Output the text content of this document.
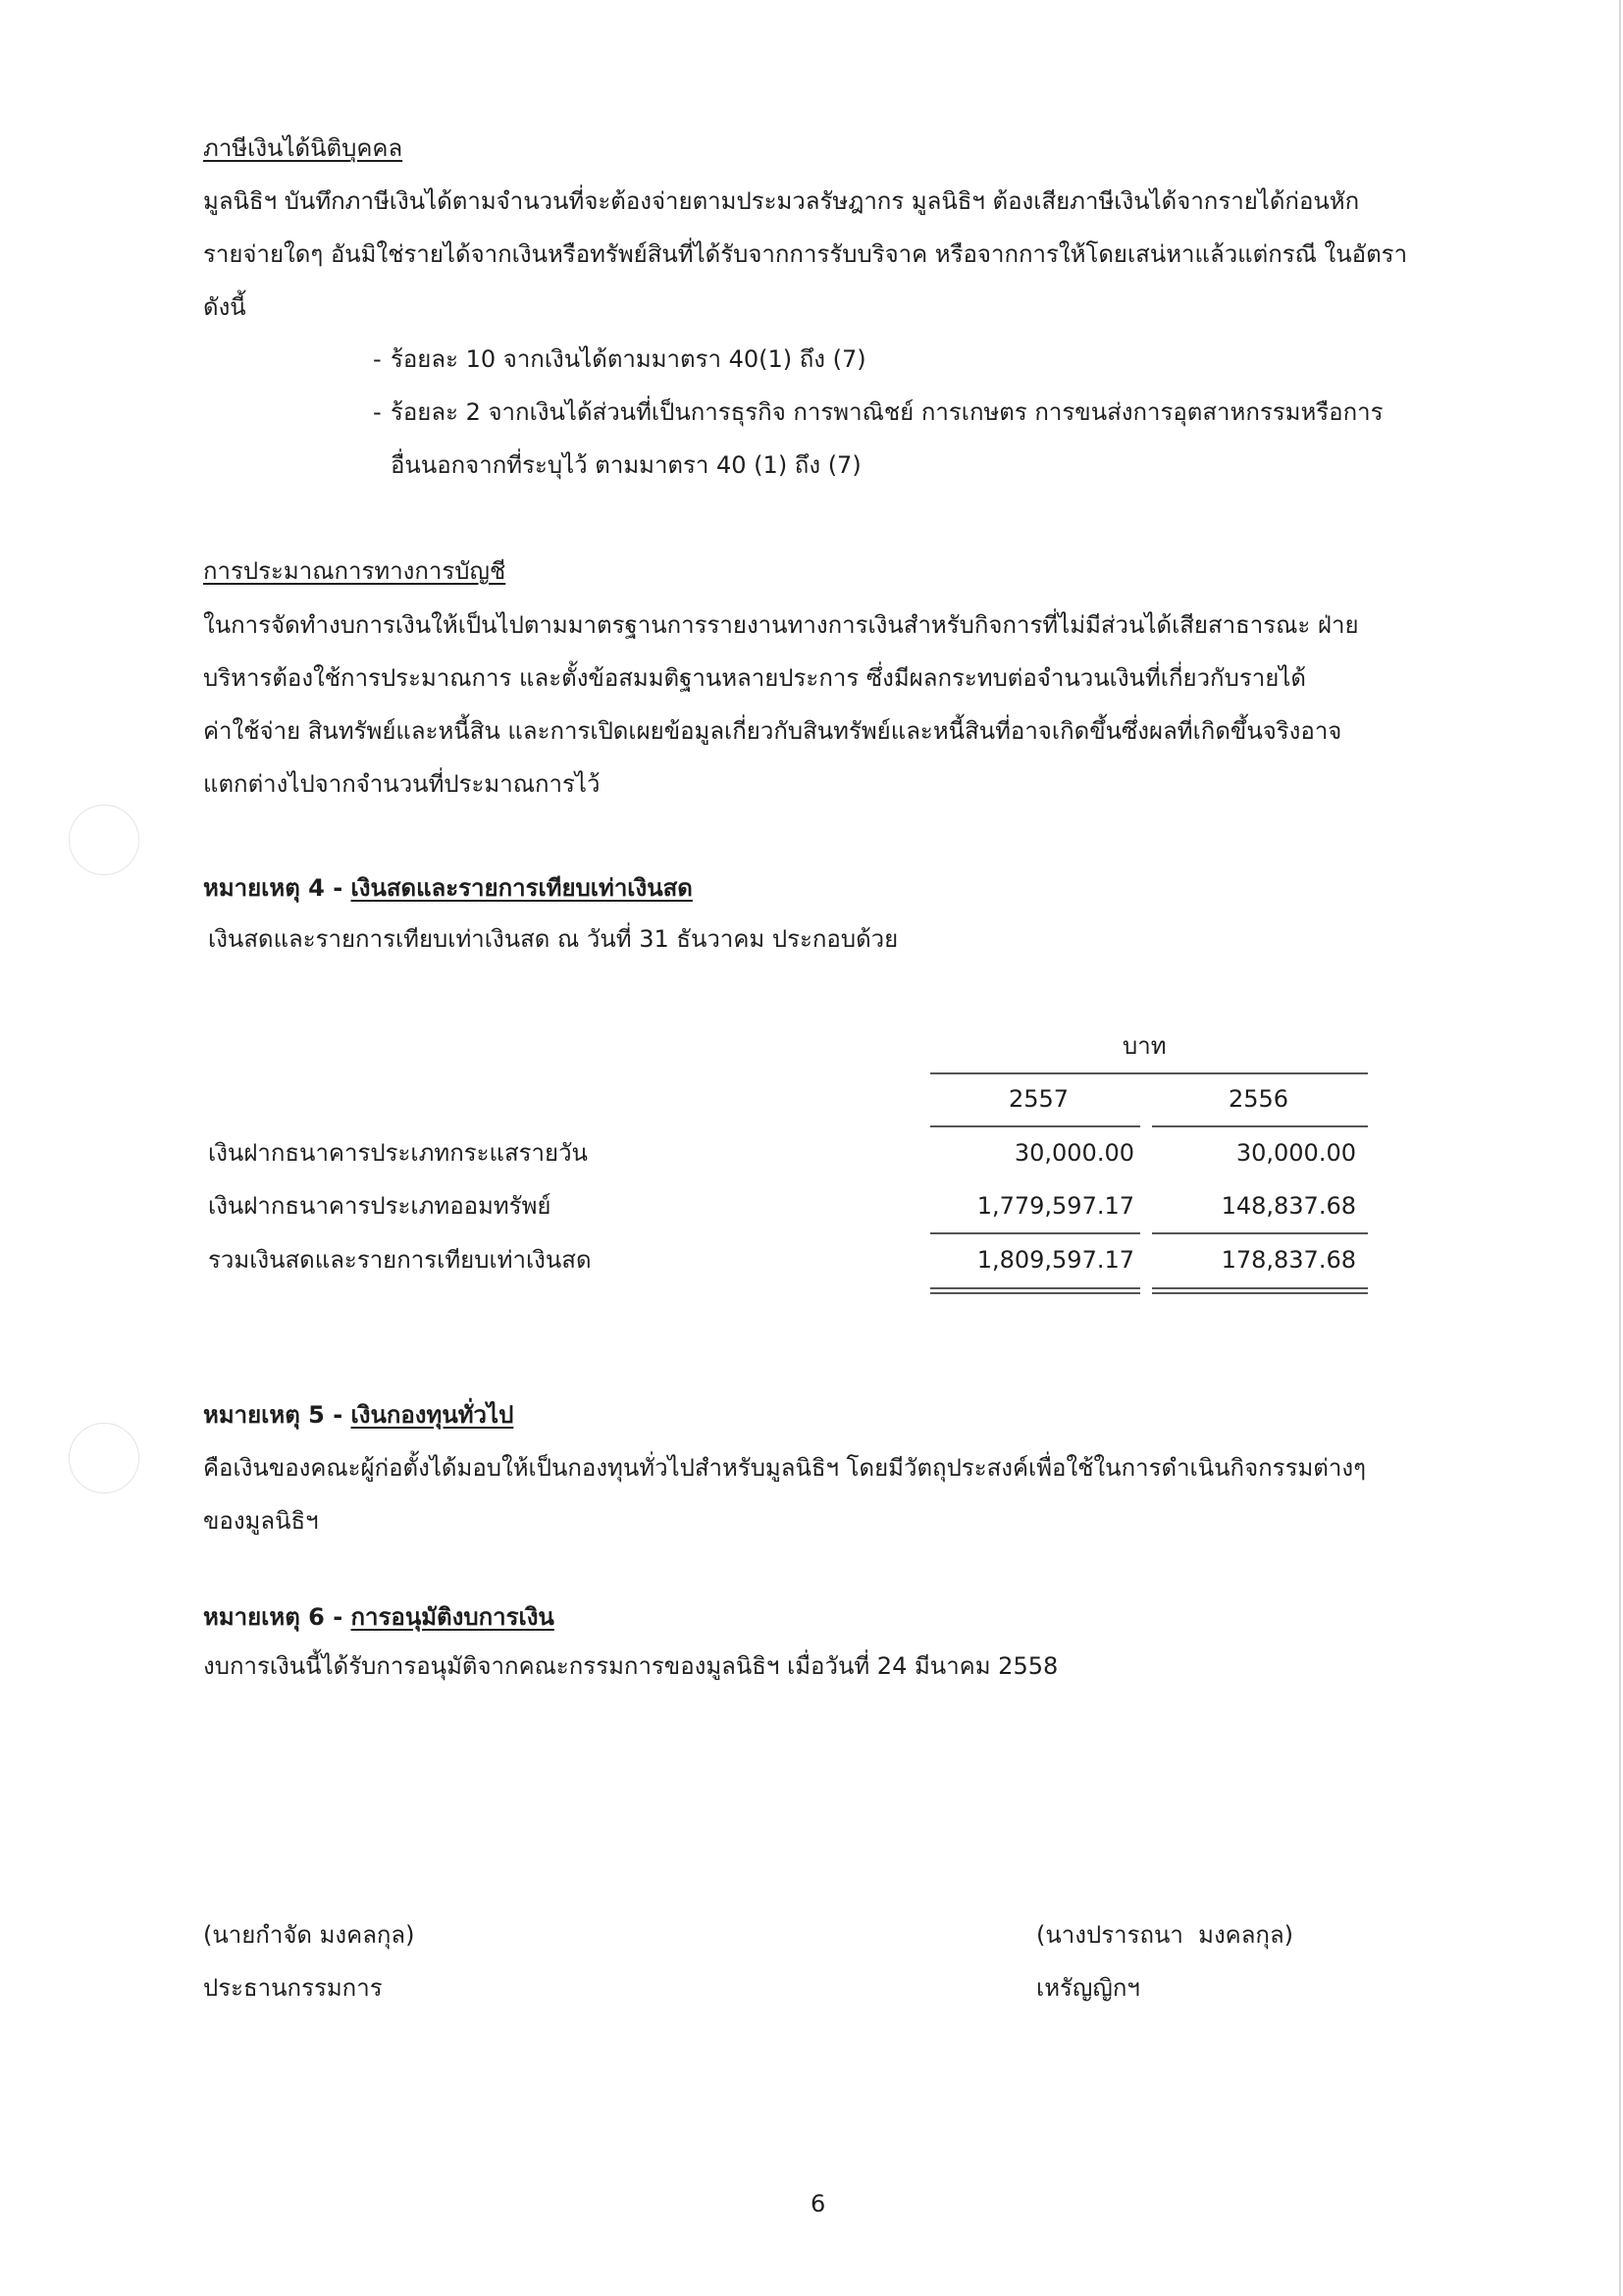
ภาษีเงินได้นิติบุคคล
มูลนิธิฯ บันทึกภาษีเงินได้ตามจำนวนที่จะต้องจ่ายตามประมวลรัษฎากร มูลนิธิฯ ต้องเสียภาษีเงินได้จากรายได้ก่อนหัก
รายจ่ายใดๆ อันมิใช่รายได้จากเงินหรือทรัพย์สินที่ได้รับจากการรับบริจาค หรือจากการให้โดยเสน่หาแล้วแต่กรณี ในอัตรา
ดังนี้
- ร้อยละ 10 จากเงินได้ตามมาตรา 40(1) ถึง (7)
- ร้อยละ 2 จากเงินได้ส่วนที่เป็นการธุรกิจ การพาณิชย์ การเกษตร การขนส่งการอุตสาหกรรมหรือการ
อื่นนอกจากที่ระบุไว้ ตามมาตรา 40 (1) ถึง (7)
การประมาณการทางการบัญชี
ในการจัดทำงบการเงินให้เป็นไปตามมาตรฐานการรายงานทางการเงินสำหรับกิจการที่ไม่มีส่วนได้เสียสาธารณะ ฝ่าย
บริหารต้องใช้การประมาณการ และตั้งข้อสมมติฐานหลายประการ ซึ่งมีผลกระทบต่อจำนวนเงินที่เกี่ยวกับรายได้
ค่าใช้จ่าย สินทรัพย์และหนี้สิน และการเปิดเผยข้อมูลเกี่ยวกับสินทรัพย์และหนี้สินที่อาจเกิดขึ้นซึ่งผลที่เกิดขึ้นจริงอาจ
แตกต่างไปจากจำนวนที่ประมาณการไว้
หมายเหตุ 4 - เงินสดและรายการเทียบเท่าเงินสด
เงินสดและรายการเทียบเท่าเงินสด ณ วันที่ 31 ธันวาคม ประกอบด้วย
บาท
2557	2556
เงินฝากธนาคารประเภทกระแสรายวัน	30,000.00	30,000.00
เงินฝากธนาคารประเภทออมทรัพย์	1,779,597.17	148,837.68
รวมเงินสดและรายการเทียบเท่าเงินสด	1,809,597.17	178,837.68
หมายเหตุ 5 - เงินกองทุนทั่วไป
คือเงินของคณะผู้ก่อตั้งได้มอบให้เป็นกองทุนทั่วไปสำหรับมูลนิธิฯ โดยมีวัตถุประสงค์เพื่อใช้ในการดำเนินกิจกรรมต่างๆ
ของมูลนิธิฯ
หมายเหตุ 6 - การอนุมัติงบการเงิน
งบการเงินนี้ได้รับการอนุมัติจากคณะกรรมการของมูลนิธิฯ เมื่อวันที่ 24 มีนาคม 2558
(นายกำจัด มงคลกุล)
ประธานกรรมการ
(นางปรารถนา  มงคลกุล)
เหรัญญิกฯ
6
